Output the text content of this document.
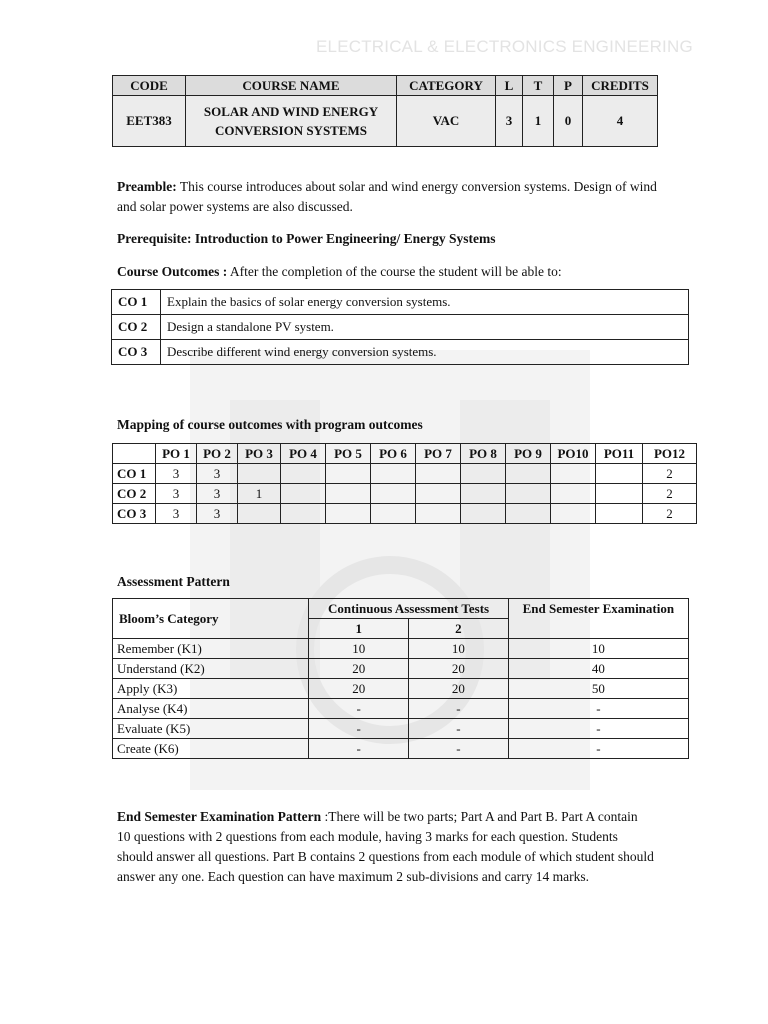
ELECTRICAL & ELECTRONICS ENGINEERING
CODE	COURSE NAME	CATEGORY	L	T	P	CREDITS
EET383	SOLAR AND WIND ENERGY CONVERSION SYSTEMS	VAC	3	1	0	4

Preamble: This course introduces about solar and wind energy conversion systems. Design of wind and solar power systems are also discussed.

Prerequisite: Introduction to Power Engineering/ Energy Systems

Course Outcomes : After the completion of the course the student will be able to:

CO 1	Explain the basics of solar energy conversion systems.
CO 2	Design a standalone PV system.
CO 3	Describe different wind energy conversion systems.
Mapping of course outcomes with program outcomes
	PO 1	PO 2	PO 3	PO 4	PO 5	PO 6	PO 7	PO 8	PO 9	PO10	PO11	PO12
CO 1	3	3										2
CO 2	3	3	1									2
CO 3	3	3										2
Assessment Pattern
Bloom’s Category	Continuous Assessment Tests		End Semester Examination
	1	2	
Remember (K1)	10	10	10
Understand (K2)	20	20	40
Apply (K3)	20	20	50
Analyse (K4)	-	-	-
Evaluate (K5)	-	-	-
Create (K6)	-	-	-

End Semester Examination Pattern :There will be two parts; Part A and Part B. Part A contain 10 questions with 2 questions from each module, having 3 marks for each question. Students should answer all questions. Part B contains 2 questions from each module of which student should answer any one. Each question can have maximum 2 sub-divisions and carry 14 marks.
